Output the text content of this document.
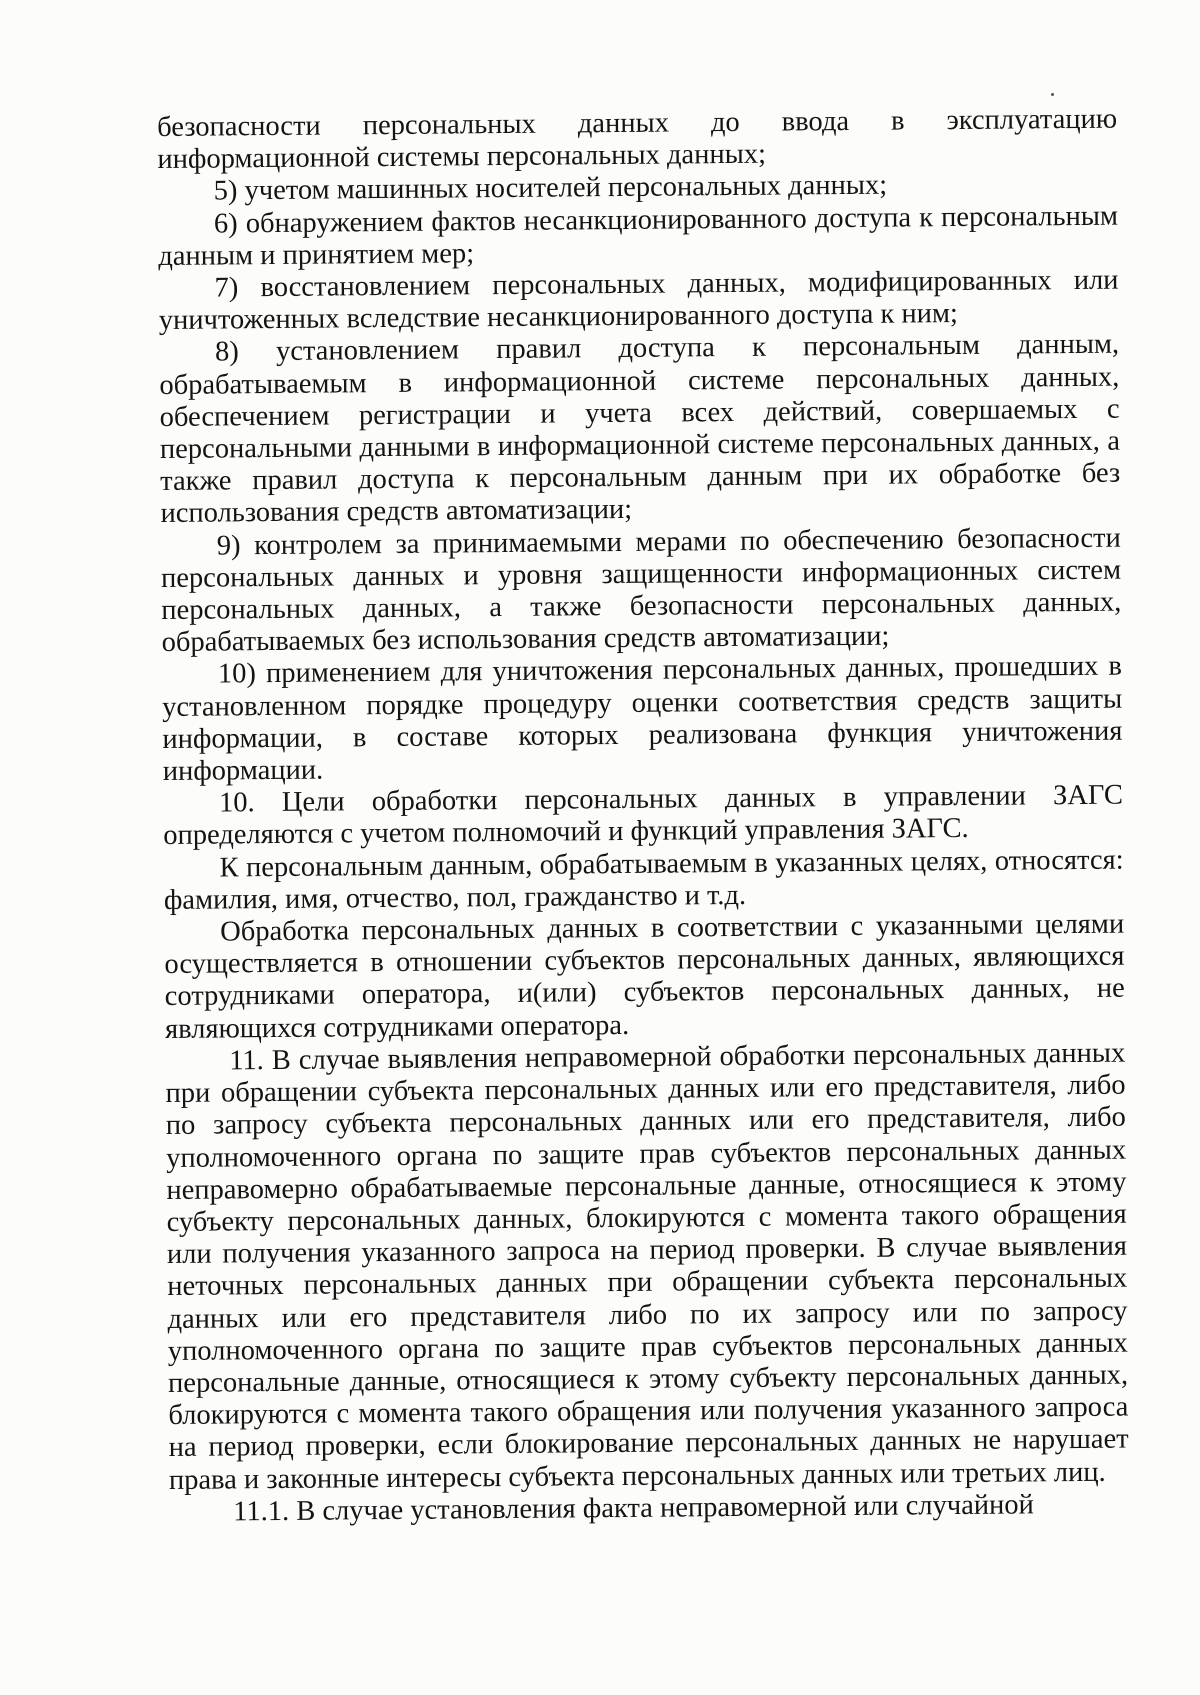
безопасности персональных данных до ввода в эксплуатацию информационной системы персональных данных;

5) учетом машинных носителей персональных данных;

6) обнаружением фактов несанкционированного доступа к персональным данным и принятием мер;

7) восстановлением персональных данных, модифицированных или уничтоженных вследствие несанкционированного доступа к ним;

8) установлением правил доступа к персональным данным, обрабатываемым в информационной системе персональных данных, обеспечением регистрации и учета всех действий, совершаемых с персональными данными в информационной системе персональных данных, а также правил доступа к персональным данным при их обработке без использования средств автоматизации;

9) контролем за принимаемыми мерами по обеспечению безопасности персональных данных и уровня защищенности информационных систем персональных данных, а также безопасности персональных данных, обрабатываемых без использования средств автоматизации;

10) применением для уничтожения персональных данных, прошедших в установленном порядке процедуру оценки соответствия средств защиты информации, в составе которых реализована функция уничтожения информации.

10. Цели обработки персональных данных в управлении ЗАГС определяются с учетом полномочий и функций управления ЗАГС.

К персональным данным, обрабатываемым в указанных целях, относятся: фамилия, имя, отчество, пол, гражданство и т.д.

Обработка персональных данных в соответствии с указанными целями осуществляется в отношении субъектов персональных данных, являющихся сотрудниками оператора, и(или) субъектов персональных данных, не являющихся сотрудниками оператора.

11. В случае выявления неправомерной обработки персональных данных при обращении субъекта персональных данных или его представителя, либо по запросу субъекта персональных данных или его представителя, либо уполномоченного органа по защите прав субъектов персональных данных неправомерно обрабатываемые персональные данные, относящиеся к этому субъекту персональных данных, блокируются с момента такого обращения или получения указанного запроса на период проверки. В случае выявления неточных персональных данных при обращении субъекта персональных данных или его представителя либо по их запросу или по запросу уполномоченного органа по защите прав субъектов персональных данных персональные данные, относящиеся к этому субъекту персональных данных, блокируются с момента такого обращения или получения указанного запроса на период проверки, если блокирование персональных данных не нарушает права и законные интересы субъекта персональных данных или третьих лиц.

11.1. В случае установления факта неправомерной или случайной
